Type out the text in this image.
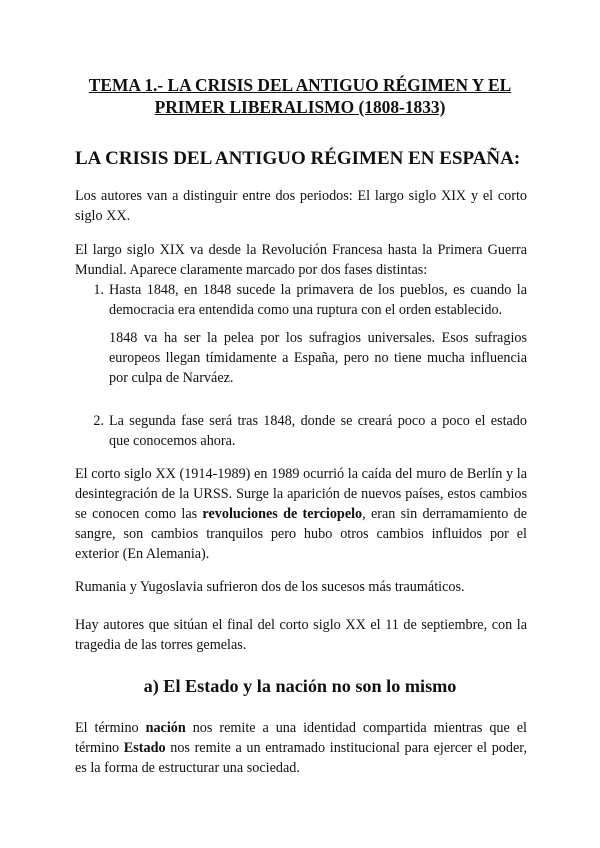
TEMA 1.- LA CRISIS DEL ANTIGUO RÉGIMEN Y EL
PRIMER LIBERALISMO (1808-1833)
LA CRISIS DEL ANTIGUO RÉGIMEN EN ESPAÑA:
Los autores van a distinguir entre dos periodos: El largo siglo XIX y el corto siglo XX.
El largo siglo XIX va desde la Revolución Francesa hasta la Primera Guerra Mundial. Aparece claramente marcado por dos fases distintas:
1. Hasta 1848, en 1848 sucede la primavera de los pueblos, es cuando la democracia era entendida como una ruptura con el orden establecido.
1848 va ha ser la pelea por los sufragios universales. Esos sufragios europeos llegan tímidamente a España, pero no tiene mucha influencia por culpa de Narváez.
2. La segunda fase será tras 1848, donde se creará poco a poco el estado que conocemos ahora.
El corto siglo XX (1914-1989) en 1989 ocurrió la caída del muro de Berlín y la desintegración de la URSS. Surge la aparición de nuevos países, estos cambios se conocen como las revoluciones de terciopelo, eran sin derramamiento de sangre, son cambios tranquilos pero hubo otros cambios influidos por el exterior (En Alemania).
Rumania y Yugoslavia sufrieron dos de los sucesos más traumáticos.
Hay autores que sitúan el final del corto siglo XX el 11 de septiembre, con la tragedia de las torres gemelas.
a) El Estado y la nación no son lo mismo
El término nación nos remite a una identidad compartida mientras que el término Estado nos remite a un entramado institucional para ejercer el poder, es la forma de estructurar una sociedad.
